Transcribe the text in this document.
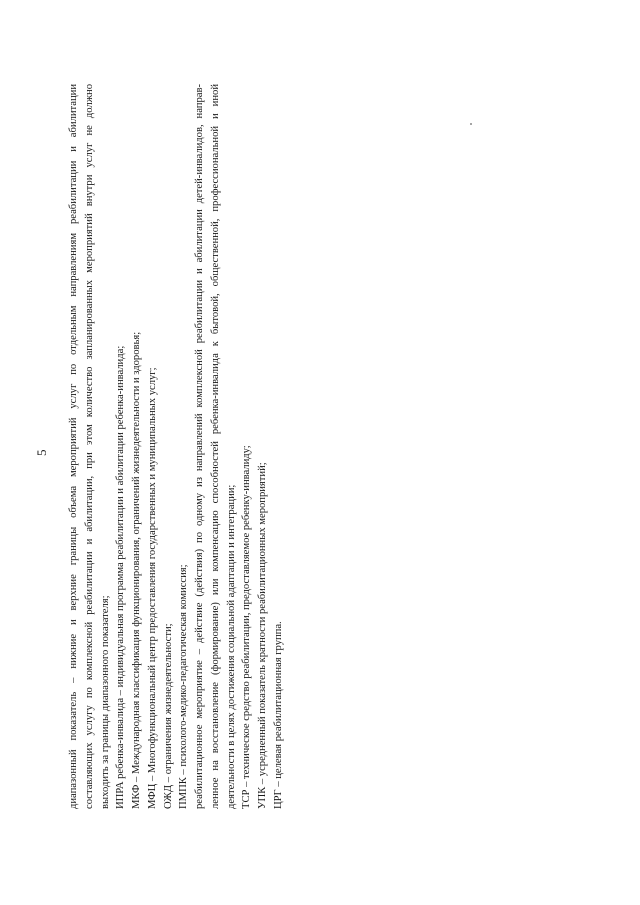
5 диапазонный показатель – нижние и верхние границы объема мероприятий услуг по отдельным направлениям реабилитации и абилитации составляющих услугу по комплексной реабилитации и абилитации, при этом количество запланированных мероприятий внутри услуг не должно выходить за границы диапазонного показателя; ИПРА ребенка-инвалида – индивидуальная программа реабилитации и абилитации ребенка-инвалида; МКФ – Международная классификация функционирования, ограничений жизнедеятельности и здоровья; МФЦ – Многофункциональный центр предоставления государственных и муниципальных услуг; ОЖД – ограничения жизнедеятельности; ПМПК – психолого-медико-педагогическая комиссия; реабилитационное мероприятие – действие (действия) по одному из направлений комплексной реабилитации и абилитации детей-инвалидов, направ- ленное на восстановление (формирование) или компенсацию способностей ребенка-инвалида к бытовой, общественной, профессиональной и иной деятельности в целях достижения социальной адаптации и интеграции; ТСР – техническое средство реабилитации, предоставляемое ребенку-инвалиду; УПК – усредненный показатель кратности реабилитационных мероприятий; ЦРГ – целевая реабилитационная группа.
